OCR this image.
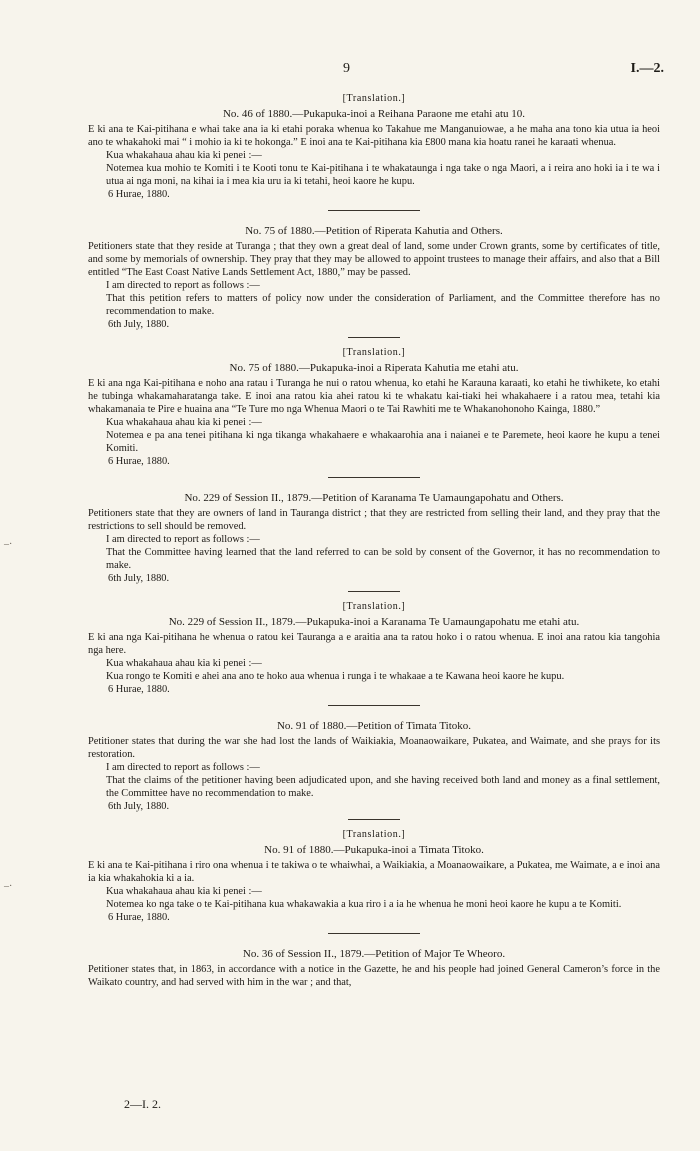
9	I.—2.
–·
–·

[Translation.]

No. 46 of 1880.—Pukapuka-inoi a Reihana Paraone me etahi atu 10.

E ki ana te Kai-pitihana e whai take ana ia ki etahi poraka whenua ko Takahue me Manganuiowae, a he maha ana tono kia utua ia heoi ano te whakahoki mai “ i mohio ia ki te hokonga.” E inoi ana te Kai-pitihana kia £800 mana kia hoatu ranei he karaati whenua.

Kua whakahaua ahau kia ki penei :—

Notemea kua mohio te Komiti i te Kooti tonu te Kai-pitihana i te whakataunga i nga take o nga Maori, a i reira ano hoki ia i te wa i utua ai nga moni, na kihai ia i mea kia uru ia ki tetahi, heoi kaore he kupu.

6 Hurae, 1880.

No. 75 of 1880.—Petition of Riperata Kahutia and Others.

Petitioners state that they reside at Turanga ; that they own a great deal of land, some under Crown grants, some by certificates of title, and some by memorials of ownership. They pray that they may be allowed to appoint trustees to manage their affairs, and also that a Bill entitled “The East Coast Native Lands Settlement Act, 1880,” may be passed.

I am directed to report as follows :—

That this petition refers to matters of policy now under the consideration of Parliament, and the Committee therefore has no recommendation to make.

6th July, 1880.

[Translation.]

No. 75 of 1880.—Pukapuka-inoi a Riperata Kahutia me etahi atu.

E ki ana nga Kai-pitihana e noho ana ratau i Turanga he nui o ratou whenua, ko etahi he Karauna karaati, ko etahi he tiwhikete, ko etahi he tubinga whakamaharatanga take. E inoi ana ratou kia ahei ratou ki te whakatu kai-tiaki hei whakahaere i a ratou mea, tetahi kia whakamanaia te Pire e huaina ana “Te Ture mo nga Whenua Maori o te Tai Rawhiti me te Whakanohonoho Kainga, 1880.”

Kua whakahaua ahau kia ki penei :—

Notemea e pa ana tenei pitihana ki nga tikanga whakahaere e whakaarohia ana i naianei e te Paremete, heoi kaore he kupu a tenei Komiti.

6 Hurae, 1880.

No. 229 of Session II., 1879.—Petition of Karanama Te Uamaungapohatu and Others.

Petitioners state that they are owners of land in Tauranga district ; that they are restricted from selling their land, and they pray that the restrictions to sell should be removed.

I am directed to report as follows :—

That the Committee having learned that the land referred to can be sold by consent of the Governor, it has no recommendation to make.

6th July, 1880.

[Translation.]

No. 229 of Session II., 1879.—Pukapuka-inoi a Karanama Te Uamaungapohatu me etahi atu.

E ki ana nga Kai-pitihana he whenua o ratou kei Tauranga a e araitia ana ta ratou hoko i o ratou whenua. E inoi ana ratou kia tangohia nga here.

Kua whakahaua ahau kia ki penei :—

Kua rongo te Komiti e ahei ana ano te hoko aua whenua i runga i te whakaae a te Kawana heoi kaore he kupu.

6 Hurae, 1880.

No. 91 of 1880.—Petition of Timata Titoko.

Petitioner states that during the war she had lost the lands of Waikiakia, Moanaowaikare, Pukatea, and Waimate, and she prays for its restoration.

I am directed to report as follows :—

That the claims of the petitioner having been adjudicated upon, and she having received both land and money as a final settlement, the Committee have no recommendation to make.

6th July, 1880.

[Translation.]

No. 91 of 1880.—Pukapuka-inoi a Timata Titoko.

E ki ana te Kai-pitihana i riro ona whenua i te takiwa o te whaiwhai, a Waikiakia, a Moanaowaikare, a Pukatea, me Waimate, a e inoi ana ia kia whakahokia ki a ia.

Kua whakahaua ahau kia ki penei :—

Notemea ko nga take o te Kai-pitihana kua whakawakia a kua riro i a ia he whenua he moni heoi kaore he kupu a te Komiti.

6 Hurae, 1880.

No. 36 of Session II., 1879.—Petition of Major Te Wheoro.

Petitioner states that, in 1863, in accordance with a notice in the Gazette, he and his people had joined General Cameron’s force in the Waikato country, and had served with him in the war ; and that,

2—I. 2.
